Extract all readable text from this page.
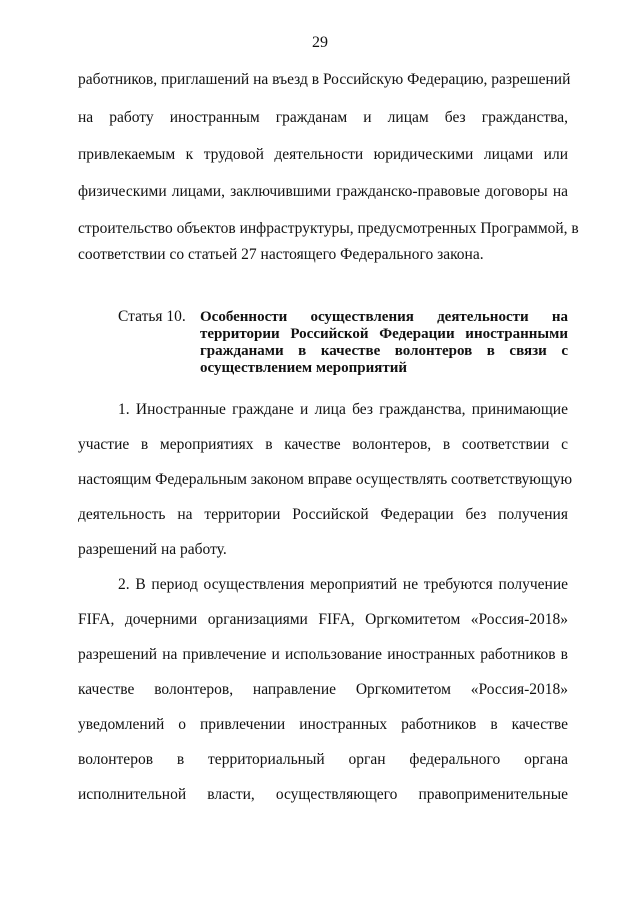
29
работников, приглашений на въезд в Российскую Федерацию, разрешений
на работу иностранным гражданам и лицам без гражданства,
привлекаемым к трудовой деятельности юридическими лицами или
физическими лицами, заключившими гражданско-правовые договоры на
строительство объектов инфраструктуры, предусмотренных Программой, в
соответствии со статьей 27 настоящего Федерального закона.
Статья 10. Особенности осуществления деятельности на
территории Российской Федерации иностранными
гражданами в качестве волонтеров в связи с
осуществлением мероприятий
1. Иностранные граждане и лица без гражданства, принимающие
участие в мероприятиях в качестве волонтеров, в соответствии с
настоящим Федеральным законом вправе осуществлять соответствующую
деятельность на территории Российской Федерации без получения
разрешений на работу.
2. В период осуществления мероприятий не требуются получение
FIFA, дочерними организациями FIFA, Оргкомитетом «Россия-2018»
разрешений на привлечение и использование иностранных работников в
качестве волонтеров, направление Оргкомитетом «Россия-2018»
уведомлений о привлечении иностранных работников в качестве
волонтеров в территориальный орган федерального органа
исполнительной власти, осуществляющего правоприменительные
